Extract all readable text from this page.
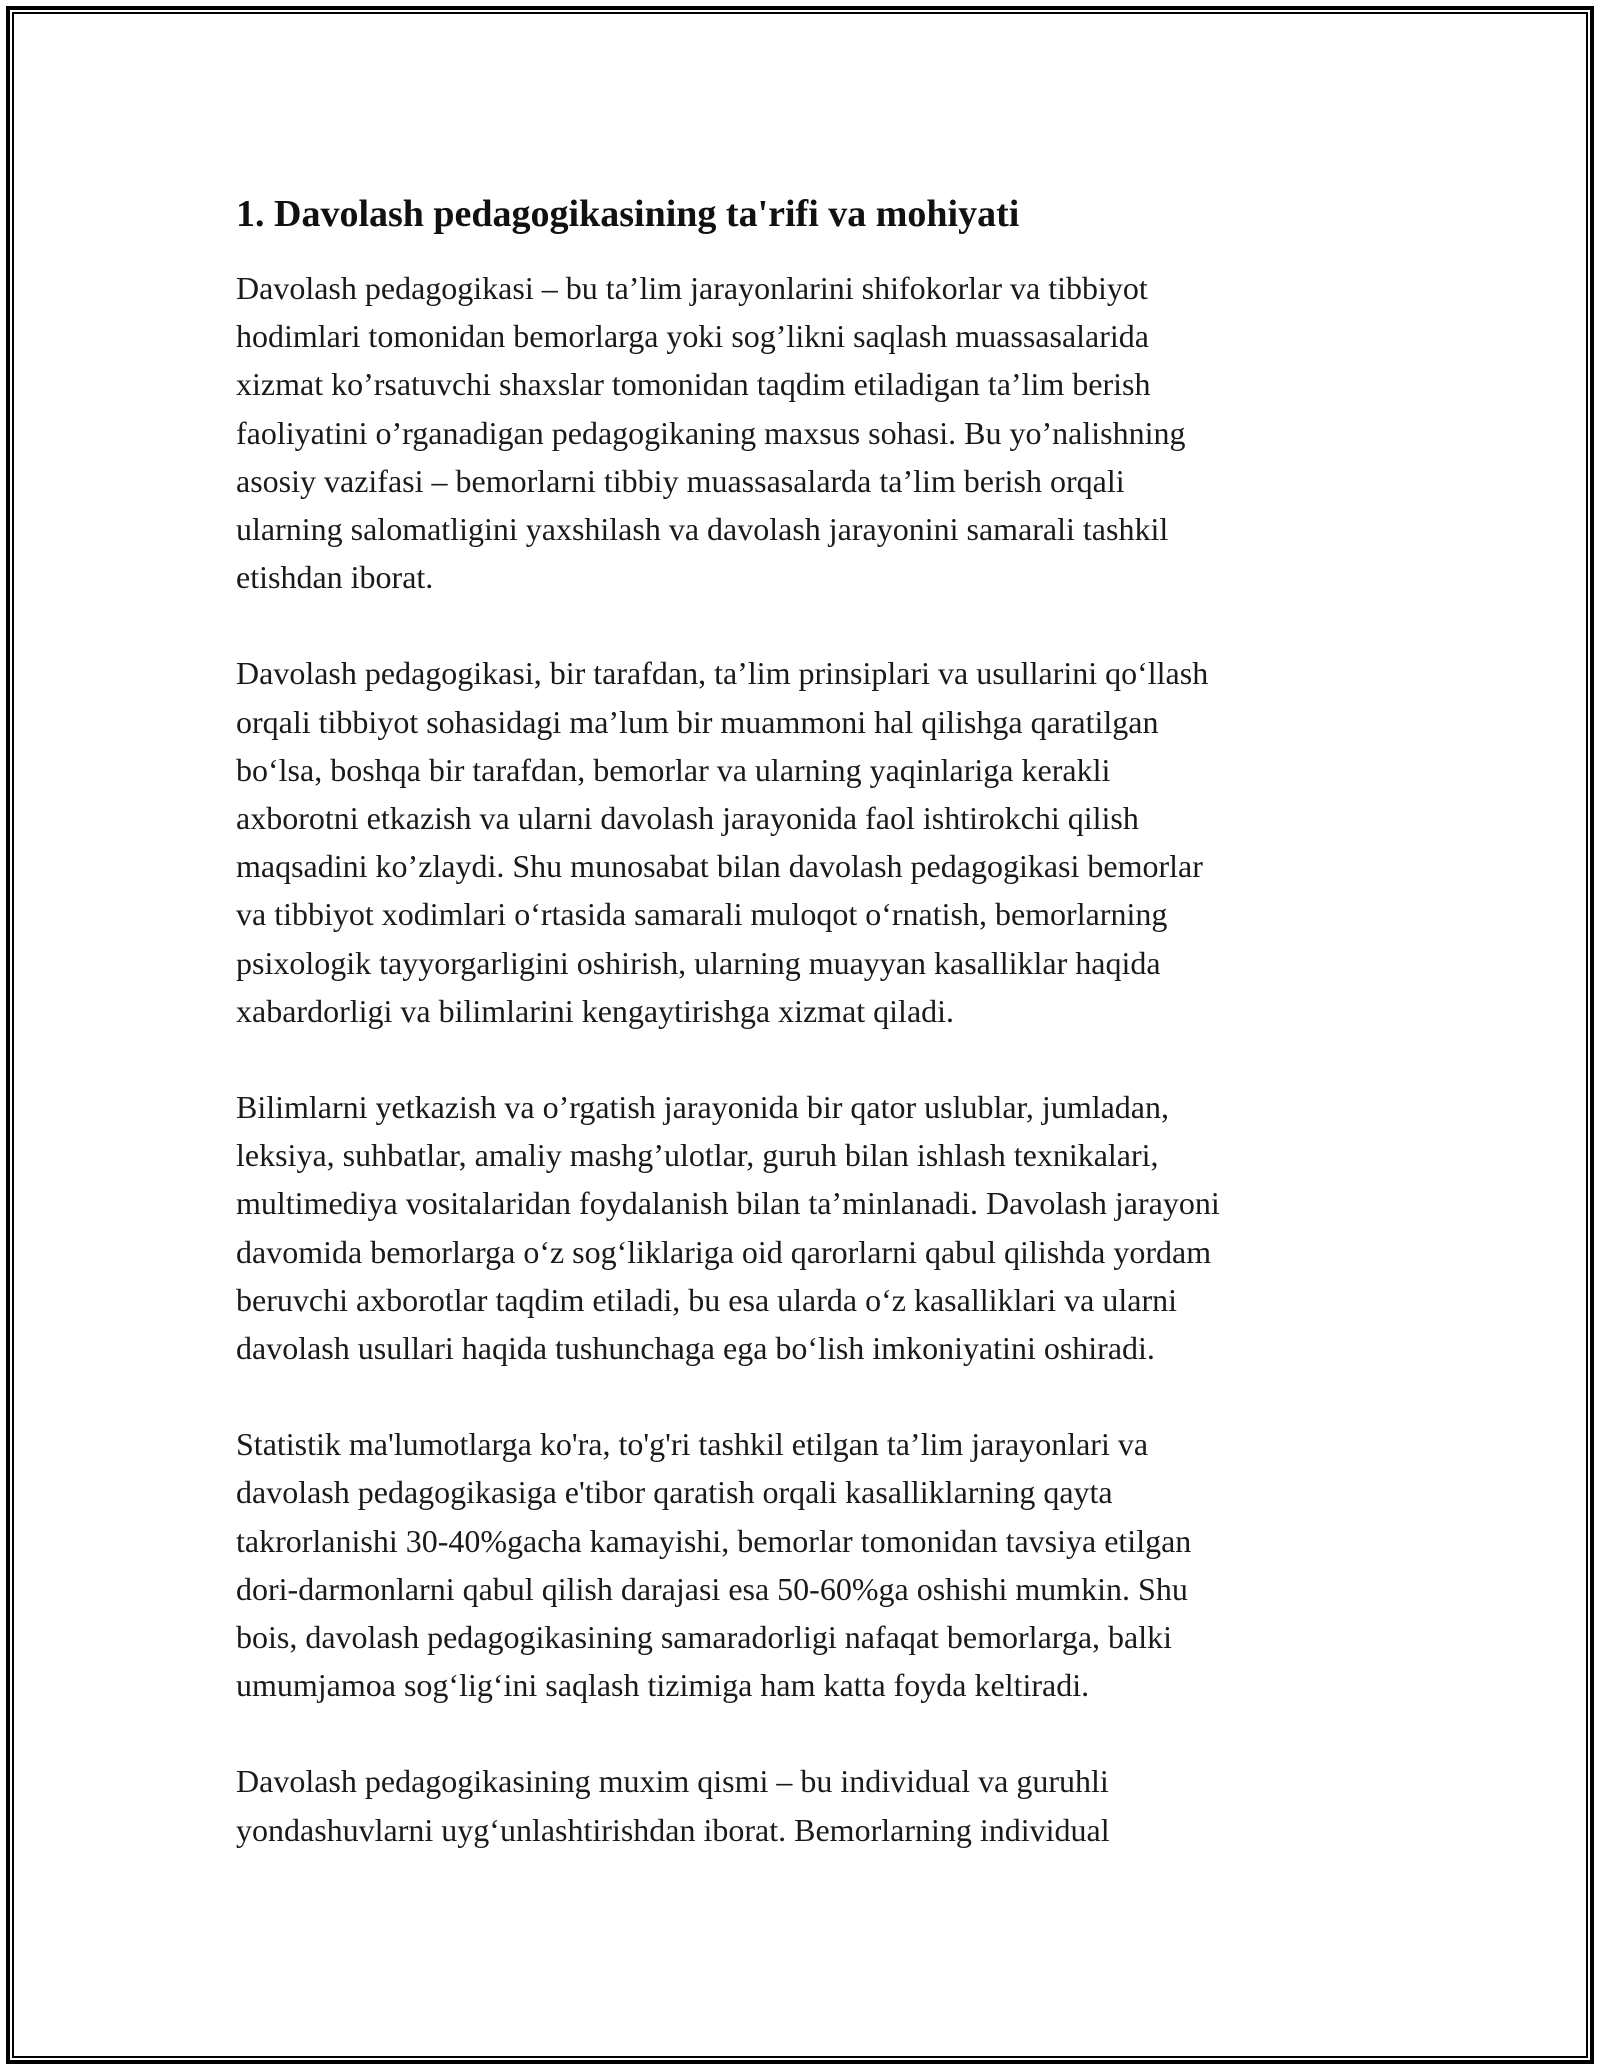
1. Davolash pedagogikasining ta'rifi va mohiyati
Davolash pedagogikasi – bu ta’lim jarayonlarini shifokorlar va tibbiyot
hodimlari tomonidan bemorlarga yoki sog’likni saqlash muassasalarida
xizmat ko’rsatuvchi shaxslar tomonidan taqdim etiladigan ta’lim berish
faoliyatini o’rganadigan pedagogikaning maxsus sohasi. Bu yo’nalishning
asosiy vazifasi – bemorlarni tibbiy muassasalarda ta’lim berish orqali
ularning salomatligini yaxshilash va davolash jarayonini samarali tashkil
etishdan iborat.
Davolash pedagogikasi, bir tarafdan, ta’lim prinsiplari va usullarini qo‘llash
orqali tibbiyot sohasidagi ma’lum bir muammoni hal qilishga qaratilgan
bo‘lsa, boshqa bir tarafdan, bemorlar va ularning yaqinlariga kerakli
axborotni etkazish va ularni davolash jarayonida faol ishtirokchi qilish
maqsadini ko’zlaydi. Shu munosabat bilan davolash pedagogikasi bemorlar
va tibbiyot xodimlari o‘rtasida samarali muloqot o‘rnatish, bemorlarning
psixologik tayyorgarligini oshirish, ularning muayyan kasalliklar haqida
xabardorligi va bilimlarini kengaytirishga xizmat qiladi.
Bilimlarni yetkazish va o’rgatish jarayonida bir qator uslublar, jumladan,
leksiya, suhbatlar, amaliy mashg’ulotlar, guruh bilan ishlash texnikalari,
multimediya vositalaridan foydalanish bilan ta’minlanadi. Davolash jarayoni
davomida bemorlarga o‘z sog‘liklariga oid qarorlarni qabul qilishda yordam
beruvchi axborotlar taqdim etiladi, bu esa ularda o‘z kasalliklari va ularni
davolash usullari haqida tushunchaga ega bo‘lish imkoniyatini oshiradi.
Statistik ma'lumotlarga ko'ra, to'g'ri tashkil etilgan ta’lim jarayonlari va
davolash pedagogikasiga e'tibor qaratish orqali kasalliklarning qayta
takrorlanishi 30-40%gacha kamayishi, bemorlar tomonidan tavsiya etilgan
dori-darmonlarni qabul qilish darajasi esa 50-60%ga oshishi mumkin. Shu
bois, davolash pedagogikasining samaradorligi nafaqat bemorlarga, balki
umumjamoa sog‘lig‘ini saqlash tizimiga ham katta foyda keltiradi.
Davolash pedagogikasining muxim qismi – bu individual va guruhli
yondashuvlarni uyg‘unlashtirishdan iborat. Bemorlarning individual
